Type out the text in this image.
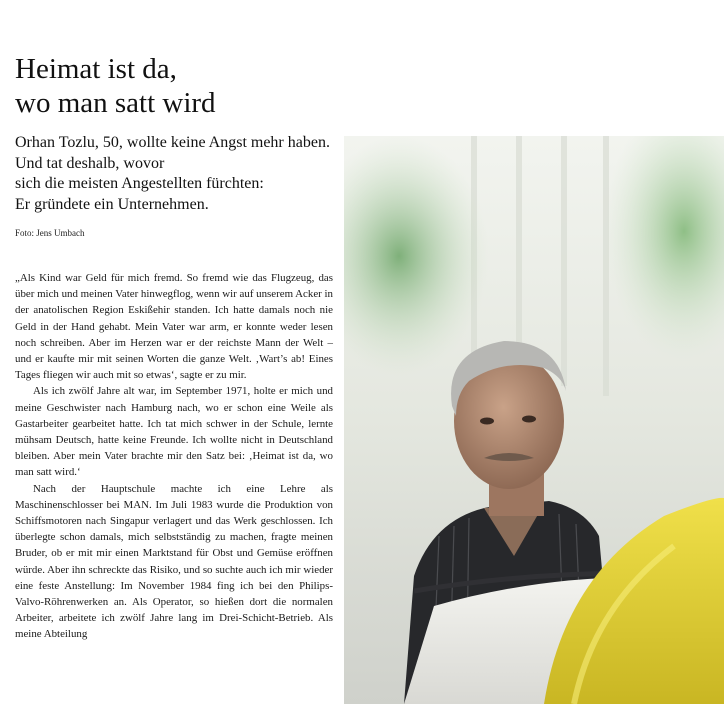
Heimat ist da,
wo man satt wird
Orhan Tozlu, 50, wollte keine Angst mehr haben.
Und tat deshalb, wovor
sich die meisten Angestellten fürchten:
Er gründete ein Unternehmen.
Foto: Jens Umbach

„Als Kind war Geld für mich fremd. So fremd wie das Flugzeug, das über mich und meinen Vater hinwegflog, wenn wir auf unserem Acker in der anatolischen Region Eskißehir standen. Ich hatte damals noch nie Geld in der Hand gehabt. Mein Vater war arm, er konnte weder lesen noch schreiben. Aber im Herzen war er der reichste Mann der Welt – und er kaufte mir mit seinen Worten die ganze Welt. ‚Wart’s ab! Eines Tages fliegen wir auch mit so etwas‘, sagte er zu mir.

Als ich zwölf Jahre alt war, im September 1971, holte er mich und meine Geschwister nach Hamburg nach, wo er schon eine Weile als Gastarbeiter gearbeitet hatte. Ich tat mich schwer in der Schule, lernte mühsam Deutsch, hatte keine Freunde. Ich wollte nicht in Deutschland bleiben. Aber mein Vater brachte mir den Satz bei: ‚Heimat ist da, wo man satt wird.‘

Nach der Hauptschule machte ich eine Lehre als Maschinenschlosser bei MAN. Im Juli 1983 wurde die Produktion von Schiffsmotoren nach Singapur verlagert und das Werk geschlossen. Ich überlegte schon damals, mich selbstständig zu machen, fragte meinen Bruder, ob er mit mir einen Marktstand für Obst und Gemüse eröffnen würde. Aber ihn schreckte das Risiko, und so suchte auch ich mir wieder eine feste Anstellung: Im November 1984 fing ich bei den Philips-Valvo-Röhrenwerken an. Als Operator, so hießen dort die normalen Arbeiter, arbeitete ich zwölf Jahre lang im Drei-Schicht-Betrieb. Als meine Abteilung
